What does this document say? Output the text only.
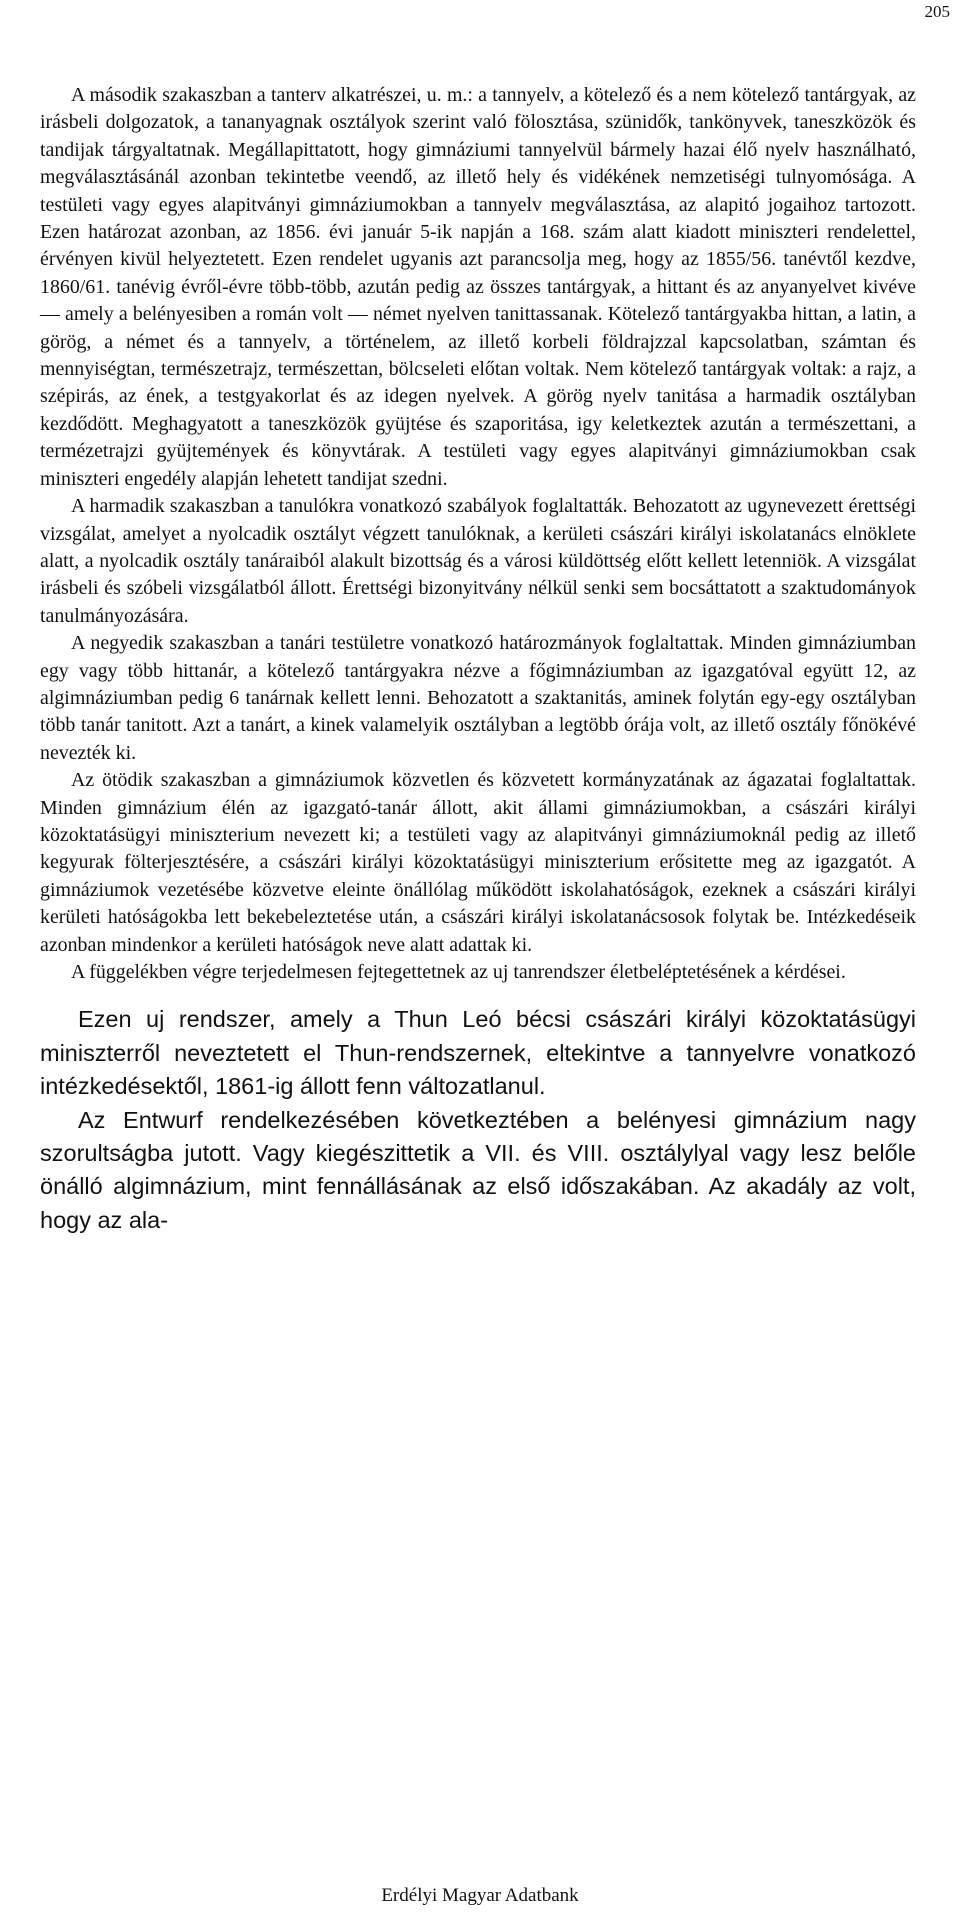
205

A második szakaszban a tanterv alkatrészei, u. m.: a tannyelv, a kötelező és a nem kötelező tantárgyak, az irásbeli dolgozatok, a tananyagnak osztályok szerint való fölosztása, szünidők, tankönyvek, taneszközök és tandijak tárgyaltatnak. Megállapittatott, hogy gimnáziumi tannyelvül bármely hazai élő nyelv használható, megválasztásánál azonban tekintetbe veendő, az illető hely és vidékének nemzetiségi tulnyomósága. A testületi vagy egyes alapitványi gimnáziumokban a tannyelv megválasztása, az alapitó jogaihoz tartozott. Ezen határozat azonban, az 1856. évi január 5-ik napján a 168. szám alatt kiadott miniszteri rendelettel, érvényen kivül helyeztetett. Ezen rendelet ugyanis azt parancsolja meg, hogy az 1855/56. tanévtől kezdve, 1860/61. tanévig évről-évre több-több, azután pedig az összes tantárgyak, a hittant és az anyanyelvet kivéve — amely a belényesiben a román volt — német nyelven tanittassanak. Kötelező tantárgyakba hittan, a latin, a görög, a német és a tannyelv, a történelem, az illető korbeli földrajzzal kapcsolatban, számtan és mennyiségtan, természetrajz, természettan, bölcseleti előtan voltak. Nem kötelező tantárgyak voltak: a rajz, a szépirás, az ének, a testgyakorlat és az idegen nyelvek. A görög nyelv tanitása a harmadik osztályban kezdődött. Meghagyatott a taneszközök gyüjtése és szaporitása, igy keletkeztek azután a természettani, a termézetrajzi gyüjtemények és könyvtárak. A testületi vagy egyes alapitványi gimnáziumokban csak miniszteri engedély alapján lehetett tandijat szedni.

A harmadik szakaszban a tanulókra vonatkozó szabályok foglaltatták. Behozatott az ugynevezett érettségi vizsgálat, amelyet a nyolcadik osztályt végzett tanulóknak, a kerületi császári királyi iskolatanács elnöklete alatt, a nyolcadik osztály tanáraiból alakult bizottság és a városi küldöttség előtt kellett letenniök. A vizsgálat irásbeli és szóbeli vizsgálatból állott. Érettségi bizonyitvány nélkül senki sem bocsáttatott a szaktudományok tanulmányozására.

A negyedik szakaszban a tanári testületre vonatkozó határozmányok foglaltattak. Minden gimnáziumban egy vagy több hittanár, a kötelező tantárgyakra nézve a főgimnáziumban az igazgatóval együtt 12, az algimnáziumban pedig 6 tanárnak kellett lenni. Behozatott a szaktanitás, aminek folytán egy-egy osztályban több tanár tanitott. Azt a tanárt, a kinek valamelyik osztályban a legtöbb órája volt, az illető osztály főnökévé nevezték ki.

Az ötödik szakaszban a gimnáziumok közvetlen és közvetett kormányzatának az ágazatai foglaltattak. Minden gimnázium élén az igazgató-tanár állott, akit állami gimnáziumokban, a császári királyi közoktatásügyi miniszterium nevezett ki; a testületi vagy az alapitványi gimnáziumoknál pedig az illető kegyurak fölterjesztésére, a császári királyi közoktatásügyi miniszterium erősitette meg az igazgatót. A gimnáziumok vezetésébe közvetve eleinte önállólag működött iskolahatóságok, ezeknek a császári királyi kerületi hatóságokba lett bekebeleztetése után, a császári királyi iskolatanácsosok folytak be. Intézkedéseik azonban mindenkor a kerületi hatóságok neve alatt adattak ki.

A függelékben végre terjedelmesen fejtegettetnek az uj tanrendszer életbeléptetésének a kérdései.

Ezen uj rendszer, amely a Thun Leó bécsi császári királyi közoktatásügyi miniszterről neveztetett el Thun-rendszernek, eltekintve a tannyelvre vonatkozó intézkedésektől, 1861-ig állott fenn változatlanul.

Az Entwurf rendelkezésében következtében a belényesi gimnázium nagy szorultságba jutott. Vagy kiegészittetik a VII. és VIII. osztálylyal vagy lesz belőle önálló algimnázium, mint fennállásának az első időszakában. Az akadály az volt, hogy az ala-

Erdélyi Magyar Adatbank
